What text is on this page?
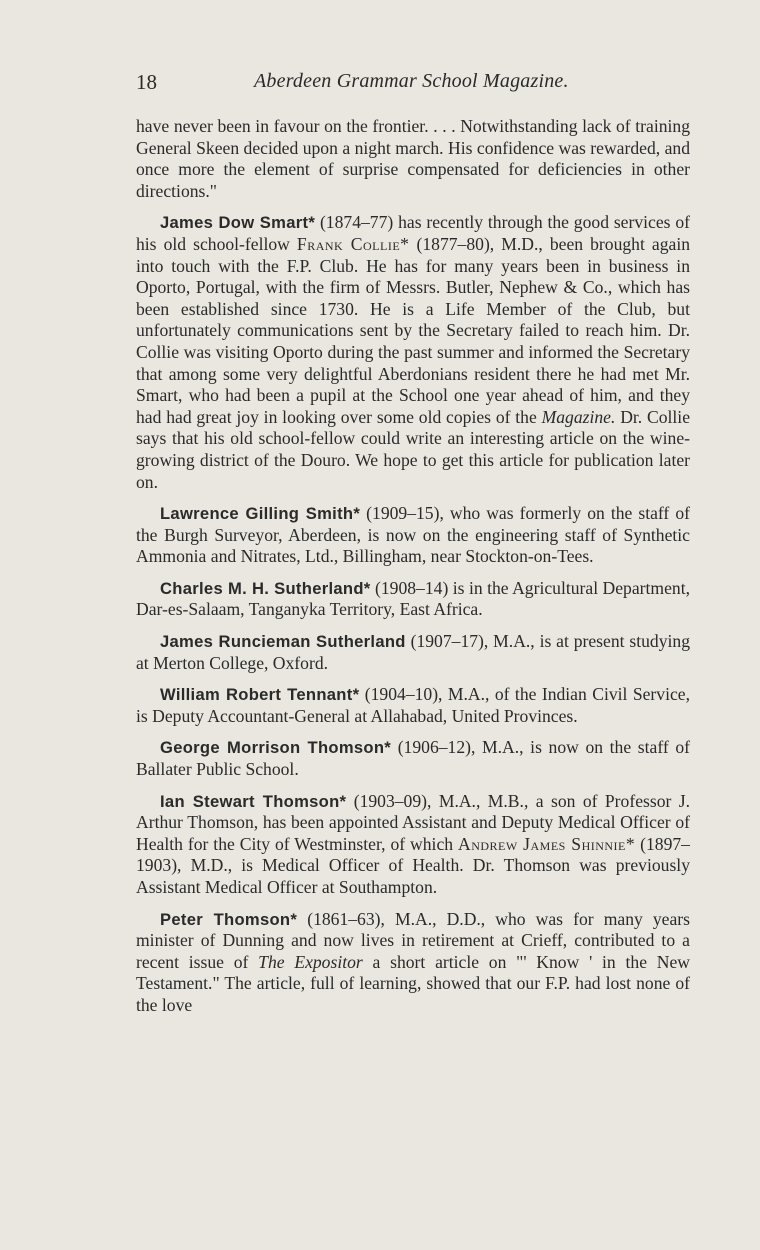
18	Aberdeen Grammar School Magazine.

have never been in favour on the frontier. . . . Notwithstanding lack of training General Skeen decided upon a night march. His confidence was rewarded, and once more the element of surprise compensated for deficiencies in other directions."

James Dow Smart* (1874–77) has recently through the good services of his old school-fellow Frank Collie* (1877–80), M.D., been brought again into touch with the F.P. Club. He has for many years been in business in Oporto, Portugal, with the firm of Messrs. Butler, Nephew & Co., which has been established since 1730. He is a Life Member of the Club, but unfortunately communications sent by the Secretary failed to reach him. Dr. Collie was visiting Oporto during the past summer and informed the Secretary that among some very delightful Aberdonians resident there he had met Mr. Smart, who had been a pupil at the School one year ahead of him, and they had had great joy in looking over some old copies of the Magazine. Dr. Collie says that his old school-fellow could write an interesting article on the wine-growing district of the Douro. We hope to get this article for publication later on.

Lawrence Gilling Smith* (1909–15), who was formerly on the staff of the Burgh Surveyor, Aberdeen, is now on the engineering staff of Synthetic Ammonia and Nitrates, Ltd., Billingham, near Stockton-on-Tees.

Charles M. H. Sutherland* (1908–14) is in the Agricultural Department, Dar-es-Salaam, Tanganyka Territory, East Africa.

James Runcieman Sutherland (1907–17), M.A., is at present studying at Merton College, Oxford.

William Robert Tennant* (1904–10), M.A., of the Indian Civil Service, is Deputy Accountant-General at Allahabad, United Provinces.

George Morrison Thomson* (1906–12), M.A., is now on the staff of Ballater Public School.

Ian Stewart Thomson* (1903–09), M.A., M.B., a son of Professor J. Arthur Thomson, has been appointed Assistant and Deputy Medical Officer of Health for the City of Westminster, of which Andrew James Shinnie* (1897–1903), M.D., is Medical Officer of Health. Dr. Thomson was previously Assistant Medical Officer at Southampton.

Peter Thomson* (1861–63), M.A., D.D., who was for many years minister of Dunning and now lives in retirement at Crieff, contributed to a recent issue of The Expositor a short article on "' Know ' in the New Testament." The article, full of learning, showed that our F.P. had lost none of the love
